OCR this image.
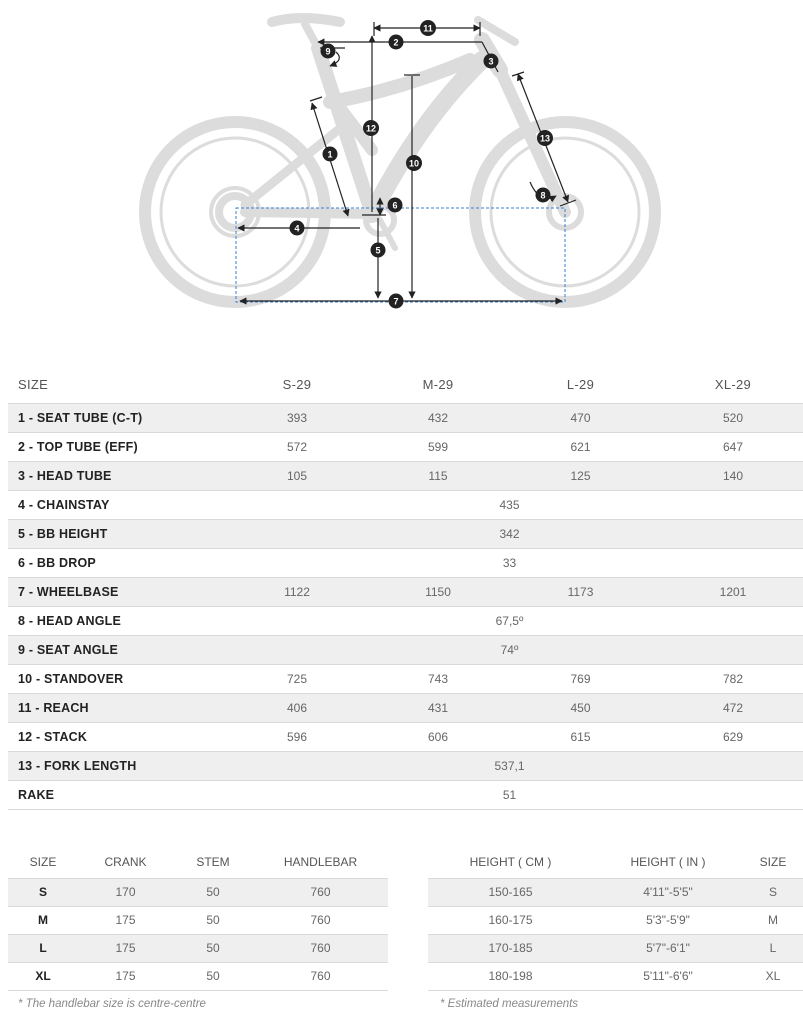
1
2
3
4
5
6
7
8
9
10
11
12
13
SIZE	S-29	M-29	L-29	XL-29
1 - SEAT TUBE (C-T)	393	432	470	520
2 - TOP TUBE (EFF)	572	599	621	647
3 - HEAD TUBE	105	115	125	140
4 - CHAINSTAY	435			
5 - BB HEIGHT	342			
6 - BB DROP	33			
7 - WHEELBASE	1122	1150	1173	1201
8 - HEAD ANGLE	67,5º			
9 - SEAT ANGLE	74º			
10 - STANDOVER	725	743	769	782
11 - REACH	406	431	450	472
12 - STACK	596	606	615	629
13 - FORK LENGTH	537,1			
RAKE	51			
SIZE	CRANK	STEM	HANDLEBAR
S	170	50	760
M	175	50	760
L	175	50	760
XL	175	50	760
HEIGHT ( CM )	HEIGHT ( IN )	SIZE
150-165	4'11"-5'5"	S
160-175	5'3"-5'9"	M
170-185	5'7"-6'1"	L
180-198	5'11"-6'6"	XL
* The handlebar size is centre-centre	* Estimated measurements
